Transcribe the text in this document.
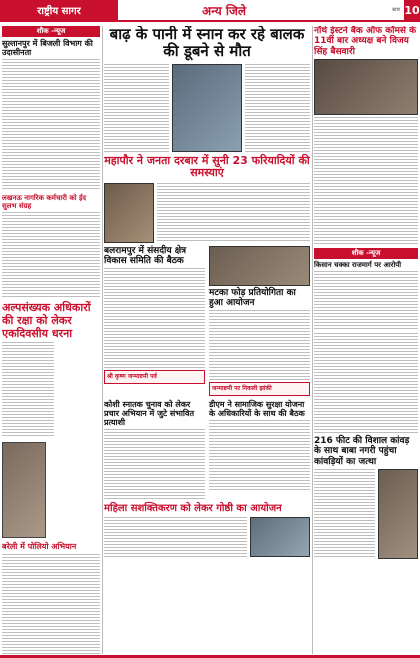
राष्ट्रीय सागर	अन्य जिले	स्टार 10
शौक -न्यूज
सुल्तानपुर में बिजली विभाग की उदासीनता
लखनऊ नागरिक कर्मचारी को ईद सुलभ संग्रह
अल्पसंख्यक अधिकारों की रक्षा को लेकर एकदिवसीय धरना

बरेली में पोलियो अभियान
बाढ़ के पानी में स्नान कर रहे बालक की डूबने से मौत
महापौर ने जनता दरबार में सुनी 23 फरियादियों की समस्याएं
बलरामपुर में संसदीय क्षेत्र विकास समिति की बैठक
श्री कृष्ण जन्माष्टमी पर्व
मटका फोड़ प्रतियोगिता का हुआ आयोजन
जन्माष्टमी पर निकली झांकी
कोशी स्नातक चुनाव को लेकर प्रचार अभियान में जुटे संभावित प्रत्याशी
डीएम ने सामाजिक सुरक्षा योजना के अधिकारियों के साथ की बैठक
महिला सशक्तिकरण को लेकर गोष्ठी का आयोजन
नॉर्थ ईस्टर्न बैंक ऑफ कॉमर्स के 11वीं बार अध्यक्ष बने विजय सिंह बैसवारी
शौक -न्यूज
किसान चक्का राजमार्ग पर आरोपी
216 फीट की विशाल कांवड़ के साथ बाबा नगरी पहुंचा कांवड़ियों का जत्था
